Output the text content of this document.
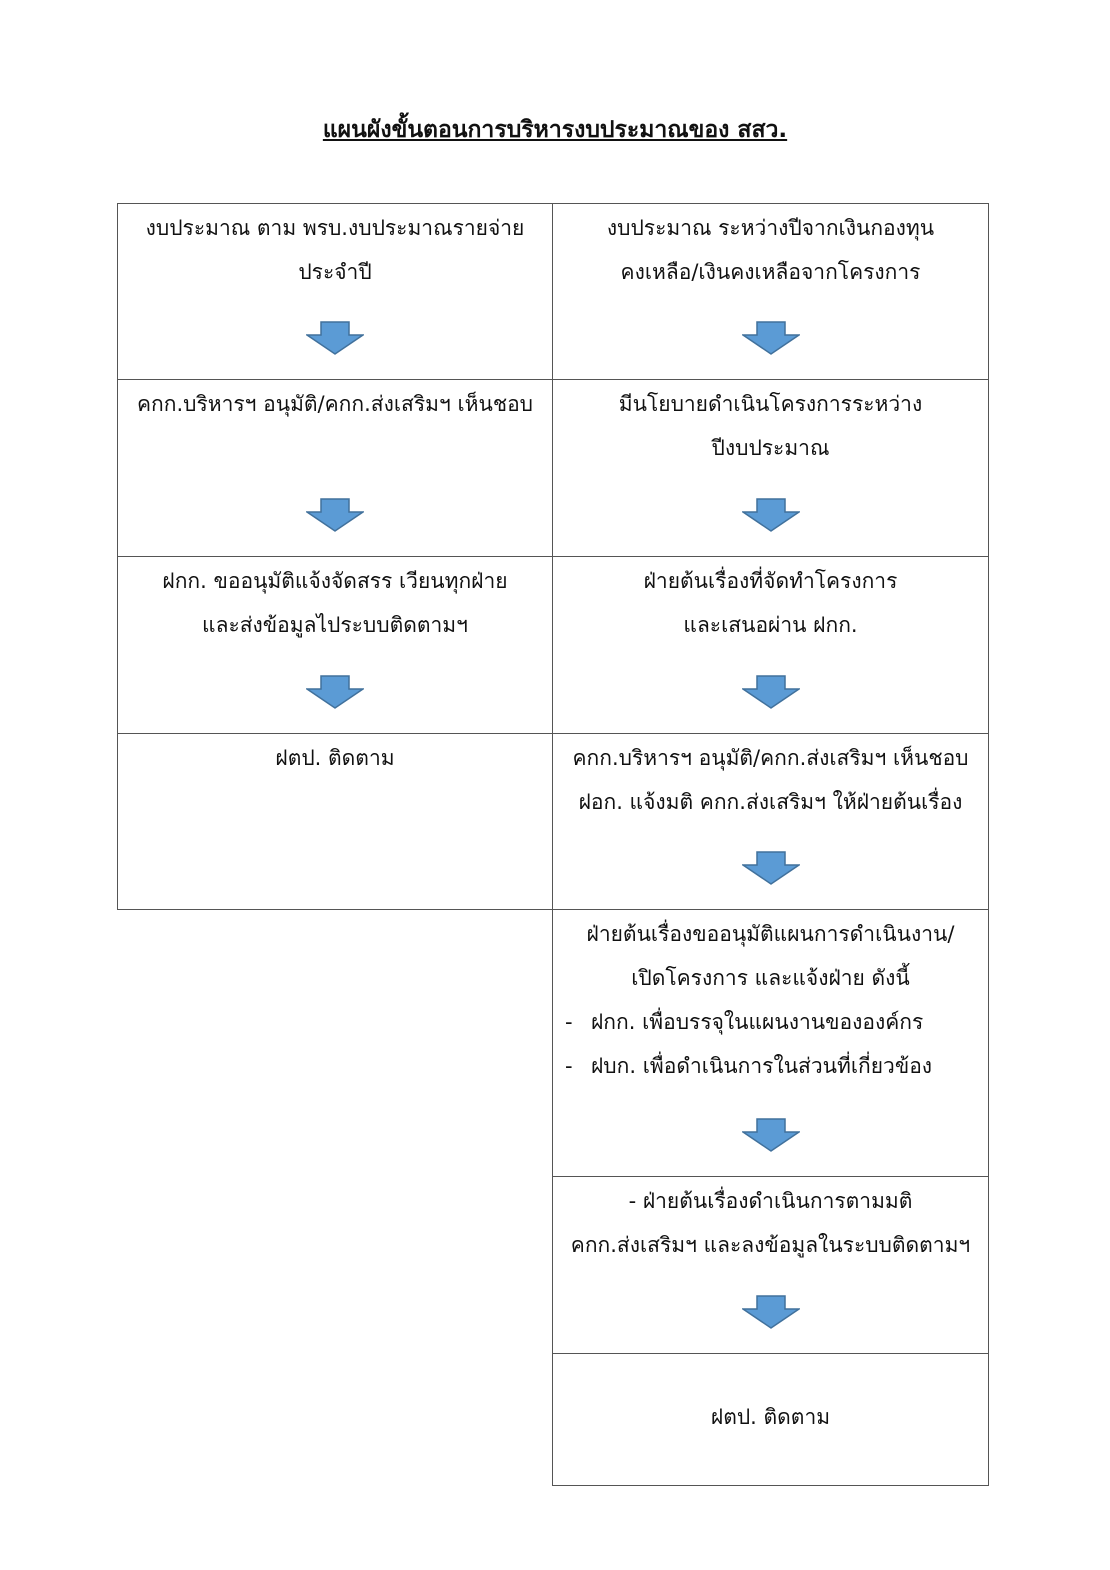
แผนผังขั้นตอนการบริหารงบประมาณของ สสว.
งบประมาณ ตาม พรบ.งบประมาณรายจ่าย
ประจำปี
คกก.บริหารฯ อนุมัติ/คกก.ส่งเสริมฯ เห็นชอบ
ฝกก. ขออนุมัติแจ้งจัดสรร เวียนทุกฝ่าย
และส่งข้อมูลไประบบติดตามฯ
ฝตป. ติดตาม
งบประมาณ ระหว่างปีจากเงินกองทุน
คงเหลือ/เงินคงเหลือจากโครงการ
มีนโยบายดำเนินโครงการระหว่าง
ปีงบประมาณ
ฝ่ายต้นเรื่องที่จัดทำโครงการ
และเสนอผ่าน ฝกก.
คกก.บริหารฯ อนุมัติ/คกก.ส่งเสริมฯ เห็นชอบ
ฝอก. แจ้งมติ คกก.ส่งเสริมฯ ให้ฝ่ายต้นเรื่อง
ฝ่ายต้นเรื่องขออนุมัติแผนการดำเนินงาน/
เปิดโครงการ และแจ้งฝ่าย ดังนี้
- ฝกก. เพื่อบรรจุในแผนงานขององค์กร
- ฝบก. เพื่อดำเนินการในส่วนที่เกี่ยวข้อง
- ฝ่ายต้นเรื่องดำเนินการตามมติ
คกก.ส่งเสริมฯ และลงข้อมูลในระบบติดตามฯ
ฝตป. ติดตาม
